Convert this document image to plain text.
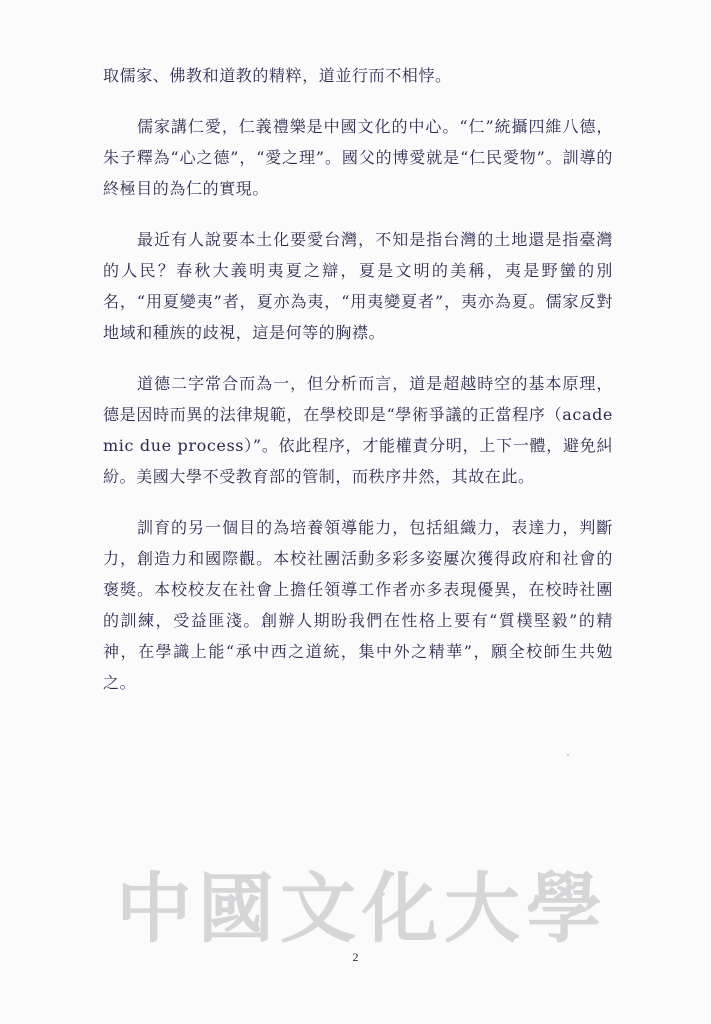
取儒家、佛教和道教的精粹，道並行而不相悖。

儒家講仁愛，仁義禮樂是中國文化的中心。“仁”統攝四維八德，朱子釋為“心之德”，“愛之理”。國父的博愛就是“仁民愛物”。訓導的終極目的為仁的實現。

最近有人說要本土化要愛台灣，不知是指台灣的土地還是指臺灣的人民？春秋大義明夷夏之辯，夏是文明的美稱，夷是野蠻的別名，“用夏變夷”者，夏亦為夷，“用夷變夏者”，夷亦為夏。儒家反對地域和種族的歧視，這是何等的胸襟。

道德二字常合而為一，但分析而言，道是超越時空的基本原理，德是因時而異的法律規範，在學校即是“學術爭議的正當程序（academic due process）”。依此程序，才能權責分明，上下一體，避免糾紛。美國大學不受教育部的管制，而秩序井然，其故在此。

訓育的另一個目的為培養領導能力，包括組織力，表達力，判斷力，創造力和國際觀。本校社團活動多彩多姿屢次獲得政府和社會的褒獎。本校校友在社會上擔任領導工作者亦多表現優異，在校時社團的訓練，受益匪淺。創辦人期盼我們在性格上要有“質樸堅毅”的精神，在學識上能“承中西之道統，集中外之精華”，願全校師生共勉之。

中國文化大學
2
